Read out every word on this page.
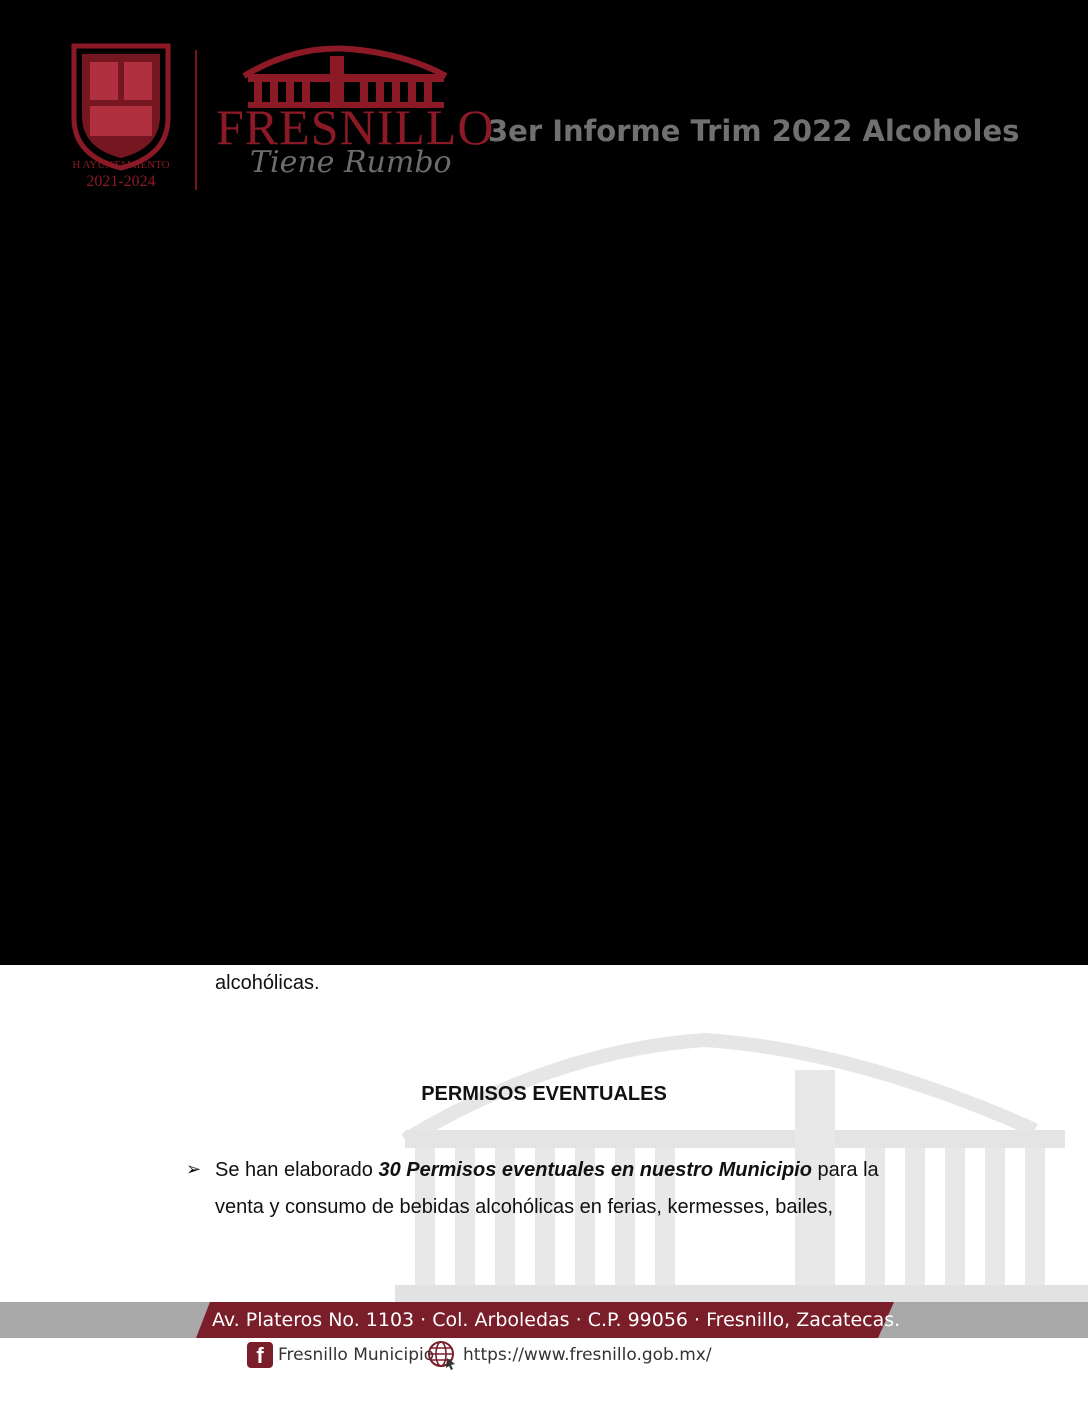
H AYUNTAMIENTO
2021-2024
FRESNILLO
Tiene Rumbo
3er Informe Trim 2022 Alcoholes
alcohólicas.
PERMISOS EVENTUALES
➢ Se han elaborado 30 Permisos eventuales en nuestro Municipio para la
venta y consumo de bebidas alcohólicas en ferias, kermesses, bailes,
Av. Plateros No. 1103 · Col. Arboledas · C.P. 99056 · Fresnillo, Zacatecas.
f Fresnillo Municipio https://www.fresnillo.gob.mx/
